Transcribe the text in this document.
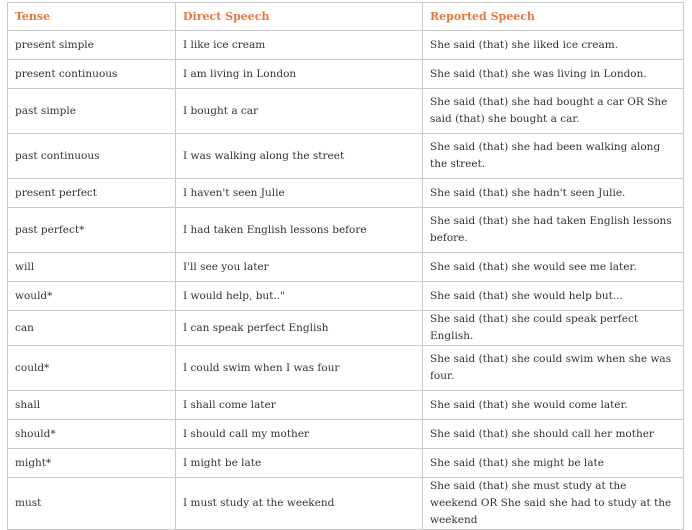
Tense	Direct Speech	Reported Speech
present simple	I like ice cream	She said (that) she liked ice cream.
present continuous	I am living in London	She said (that) she was living in London.
past simple	I bought a car	She said (that) she had bought a car OR She said (that) she bought a car.
past continuous	I was walking along the street	She said (that) she had been walking along the street.
present perfect	I haven't seen Julie	She said (that) she hadn't seen Julie.
past perfect*	I had taken English lessons before	She said (that) she had taken English lessons before.
will	I'll see you later	She said (that) she would see me later.
would*	I would help, but.."	She said (that) she would help but...
can	I can speak perfect English	She said (that) she could speak perfect English.
could*	I could swim when I was four	She said (that) she could swim when she was four.
shall	I shall come later	She said (that) she would come later.
should*	I should call my mother	She said (that) she should call her mother
might*	I might be late	She said (that) she might be late
must	I must study at the weekend	She said (that) she must study at the weekend OR She said she had to study at the weekend
